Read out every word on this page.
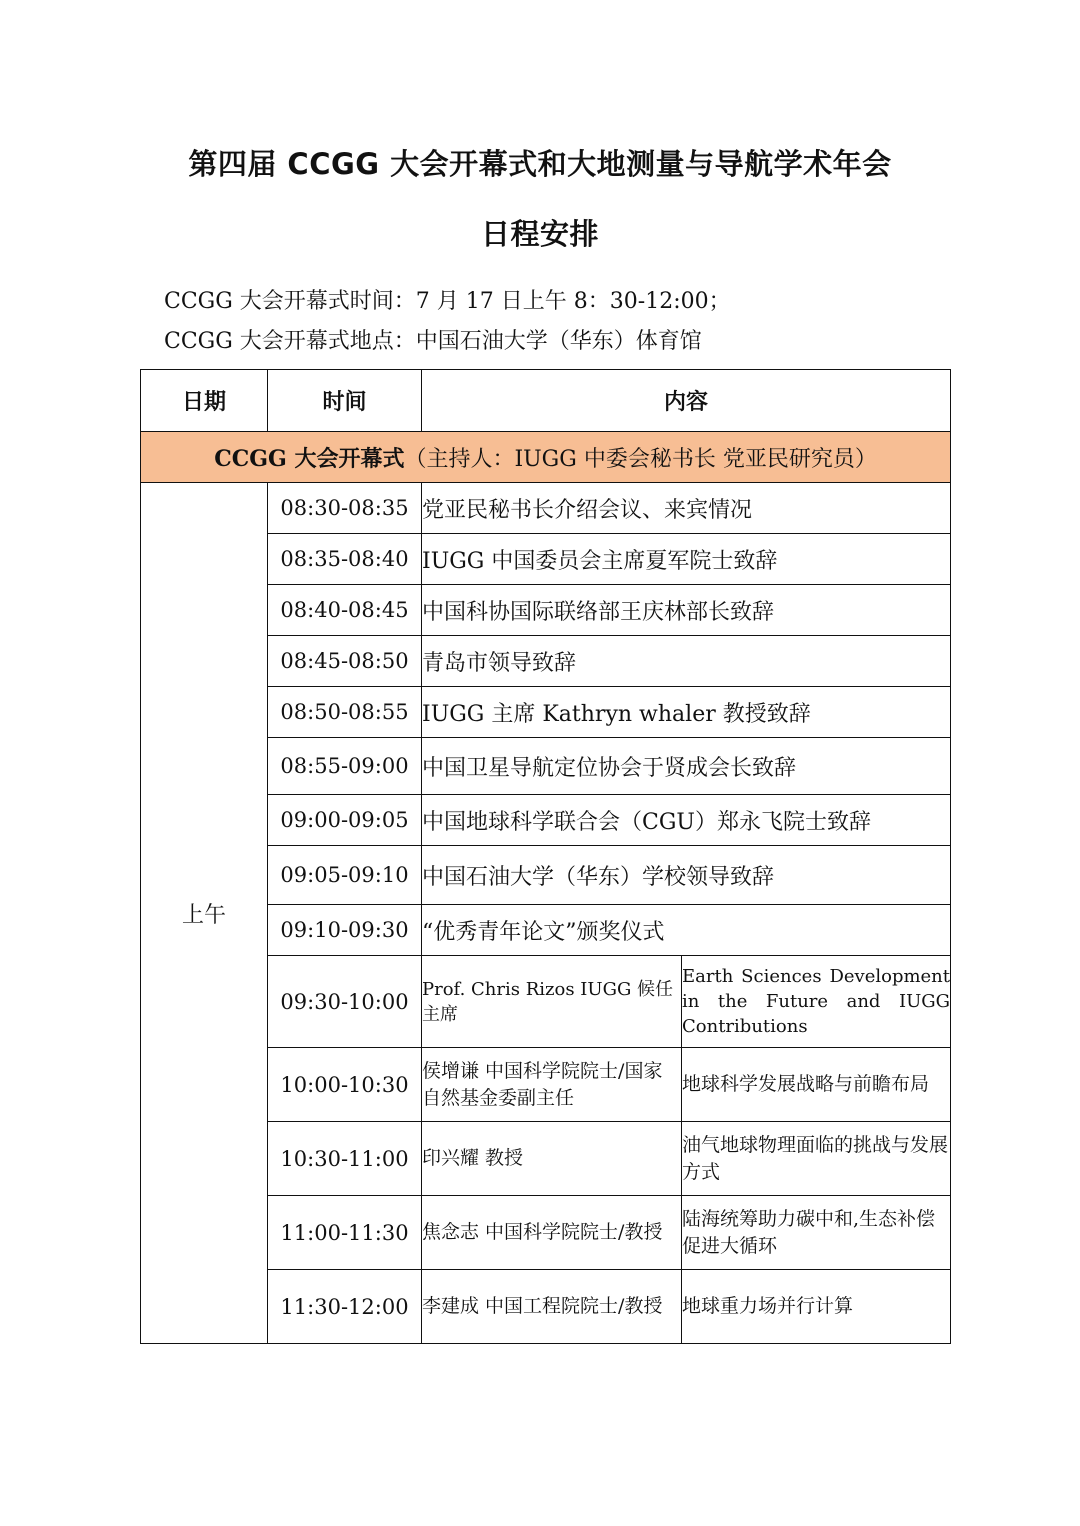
第四届 CCGG 大会开幕式和大地测量与导航学术年会
日程安排

CCGG 大会开幕式时间：7 月 17 日上午 8：30-12:00；

CCGG 大会开幕式地点：中国石油大学（华东）体育馆

日期	时间	内容	
CCGG 大会开幕式（主持人：IUGG 中委会秘书长 党亚民研究员）			
上午	08:30-08:35	党亚民秘书长介绍会议、来宾情况	
	08:35-08:40	IUGG 中国委员会主席夏军院士致辞	
	08:40-08:45	中国科协国际联络部王庆林部长致辞	
	08:45-08:50	青岛市领导致辞	
	08:50-08:55	IUGG 主席 Kathryn whaler 教授致辞	
	08:55-09:00	中国卫星导航定位协会于贤成会长致辞	
	09:00-09:05	中国地球科学联合会（CGU）郑永飞院士致辞	
	09:05-09:10	中国石油大学（华东）学校领导致辞	
	09:10-09:30	“优秀青年论文”颁奖仪式	
	09:30-10:00	Prof. Chris Rizos IUGG 候任主席	Earth Sciences Development in the Future and IUGG Contributions
	10:00-10:30	侯增谦 中国科学院院士/国家自然基金委副主任	地球科学发展战略与前瞻布局
	10:30-11:00	印兴耀 教授	油气地球物理面临的挑战与发展方式
	11:00-11:30	焦念志 中国科学院院士/教授	陆海统筹助力碳中和,生态补偿促进大循环
	11:30-12:00	李建成 中国工程院院士/教授	地球重力场并行计算
